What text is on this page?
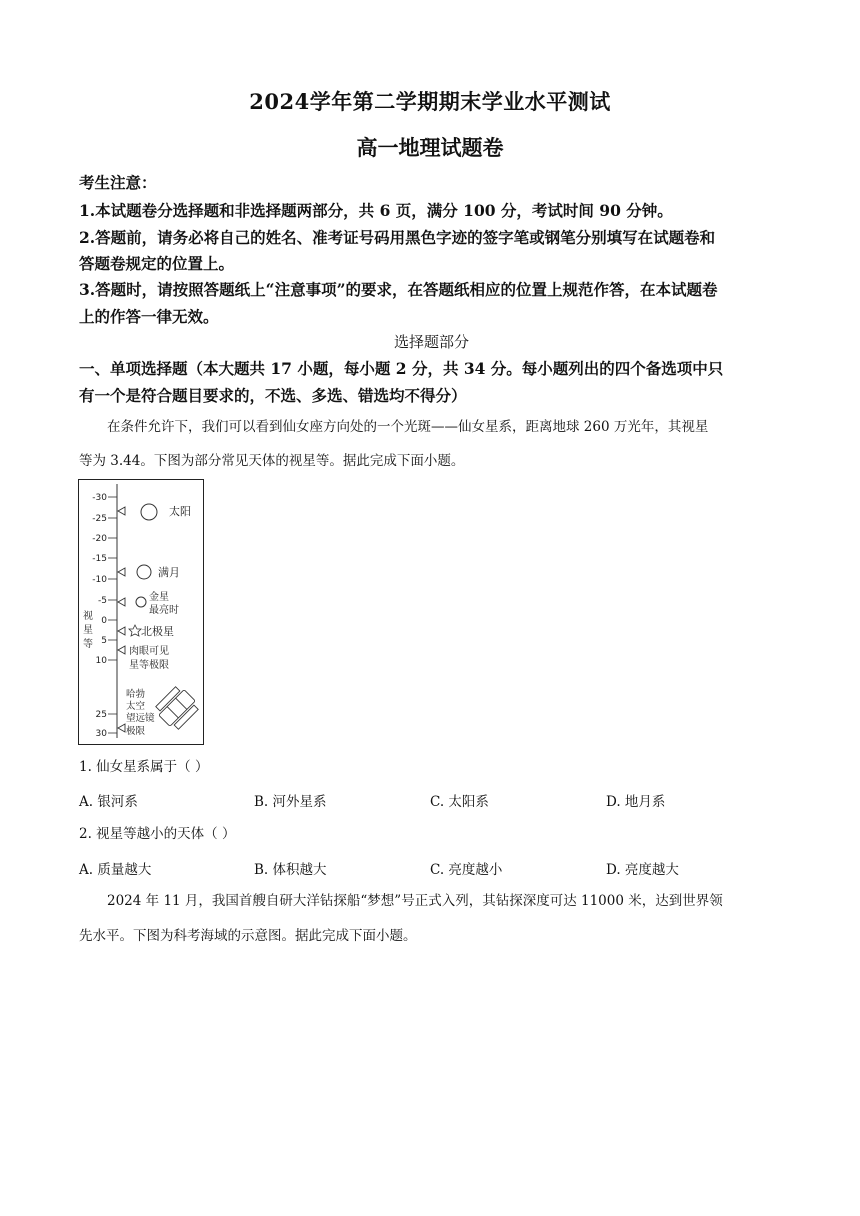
2024学年第二学期期末学业水平测试
高一地理试题卷
考生注意：
1.本试题卷分选择题和非选择题两部分，共 6 页，满分 100 分，考试时间 90 分钟。
2.答题前，请务必将自己的姓名、准考证号码用黑色字迹的签字笔或钢笔分别填写在试题卷和
答题卷规定的位置上。
3.答题时，请按照答题纸上“注意事项”的要求，在答题纸相应的位置上规范作答，在本试题卷
上的作答一律无效。
选择题部分
一、单项选择题（本大题共 17 小题，每小题 2 分，共 34 分。每小题列出的四个备选项中只
有一个是符合题目要求的，不选、多选、错选均不得分）
在条件允许下，我们可以看到仙女座方向处的一个光斑——仙女星系，距离地球 260 万光年，其视星
等为 3.44。下图为部分常见天体的视星等。据此完成下面小题。
-30
-25
-20
-15
-10
-5
0
5
10
25
30
视
星
等
太阳
满月
金星
最亮时
北极星
肉眼可见
星等极限
哈勃
太空
望远镜
极限
1. 仙女星系属于（ ）
A. 银河系	B. 河外星系	C. 太阳系	D. 地月系
2. 视星等越小的天体（ ）
A. 质量越大	B. 体积越大	C. 亮度越小	D. 亮度越大
2024 年 11 月，我国首艘自研大洋钻探船“梦想”号正式入列，其钻探深度可达 11000 米，达到世界领
先水平。下图为科考海域的示意图。据此完成下面小题。
